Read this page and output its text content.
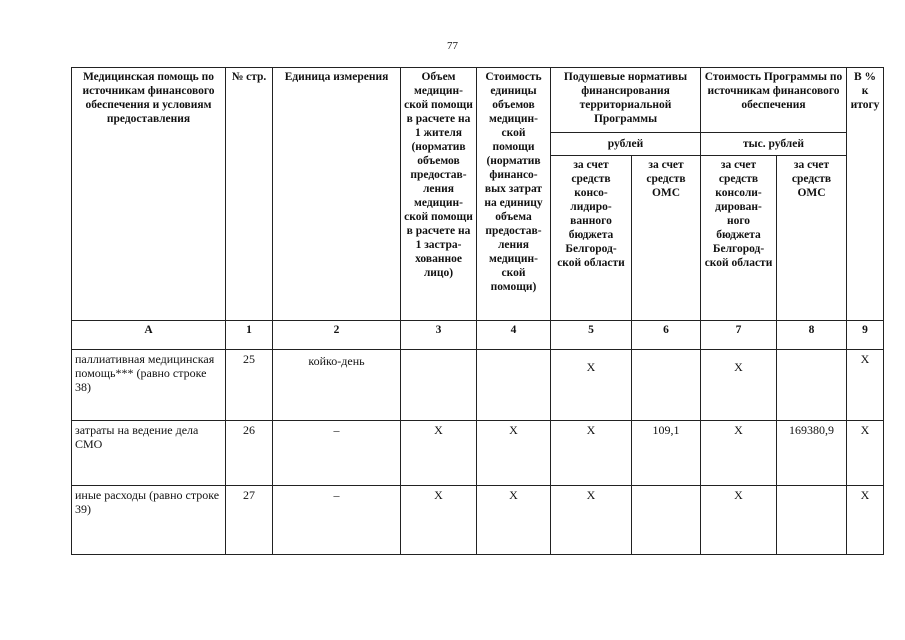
77
Медицинская помощь по источникам финансового обеспечения и условиям предоставления	№ стр.	Единица измерения	Объем медицин-ской помощи в расчете на 1 жителя (норматив объемов предостав-ления медицин-ской помощи в расчете на 1 застра-хованное лицо)	Стоимость единицы объемов медицин-ской помощи (норматив финансо-вых затрат на единицу объема предостав-ления медицин-ской помощи)	Подушевые нормативы финансирования территориальной Программы		Стоимость Программы по источникам финансового обеспечения		В % к итогу
					рублей		тыс. рублей		
					за счет средств консо-лидиро-ванного бюджета Белгород-ской области	за счет средств ОМС	за счет средств консоли-дирован-ного бюджета Белгород-ской области	за счет средств ОМС	
А	1	2	3	4	5	6	7	8	9
паллиативная медицинская помощь*** (равно строке 38)	25	койко-день			Х		Х		Х
затраты на ведение дела СМО	26	–	Х	Х	Х	109,1	Х	169380,9	Х
иные расходы (равно строке 39)	27	–	Х	Х	Х		Х		Х
